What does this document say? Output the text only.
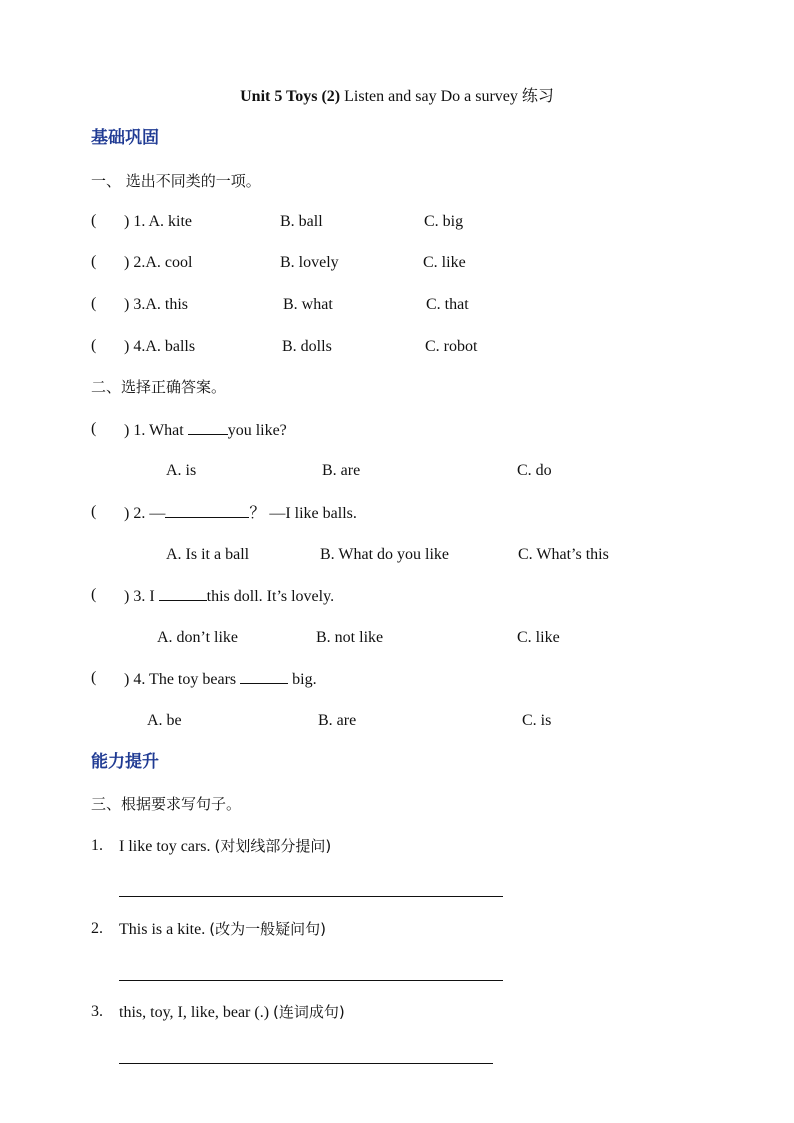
Unit 5 Toys (2) Listen and say Do a survey 练习
基础巩固
一、 选出不同类的一项。
( ) 1. A. kite	B. ball	C. big
( ) 2.A. cool	B. lovely	C. like
( ) 3.A. this	B. what	C. that
( ) 4.A. balls	B. dolls	C. robot
二、选择正确答案。
( ) 1. What	you like?
A. is	B. are	C. do
( ) 2. —	？ —I like balls.
A. Is it a ball	B. What do you like	C. What’s this
( ) 3. I	this doll. It’s lovely.
A. don’t like	B. not like	C. like
( ) 4. The toy bears	big.
A. be	B. are	C. is
能力提升
三、根据要求写句子。
1. I like toy cars. (对划线部分提问)
2. This is a kite. (改为一般疑问句)
3. this, toy, I, like, bear (.) (连词成句)
